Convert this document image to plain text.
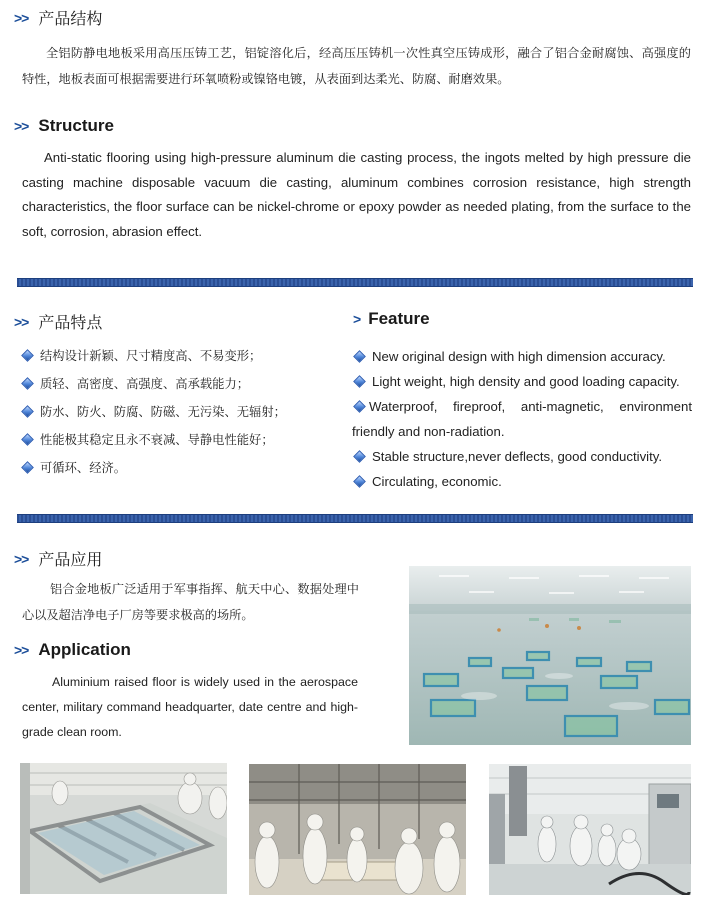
>> 产品结构

全铝防静电地板采用高压压铸工艺，铝锭溶化后，经高压压铸机一次性真空压铸成形，融合了铝合金耐腐蚀、高强度的特性，地板表面可根据需要进行环氧喷粉或镍铬电镀，从表面到达柔光、防腐、耐磨效果。

>> Structure

Anti-static flooring using high-pressure aluminum die casting process, the ingots melted by high pressure die casting machine disposable vacuum die casting, aluminum combines corrosion resistance, high strength characteristics, the floor surface can be nickel-chrome or epoxy powder as needed plating, from the surface to the soft, corrosion, abrasion effect.

>> 产品特点	> Feature
结构设计新颖、尺寸精度高、不易变形；
质轻、高密度、高强度、高承载能力；
防水、防火、防腐、防磁、无污染、无辐射；
性能极其稳定且永不衰减、导静电性能好；
可循环、经济。
New original design with high dimension accuracy.
Light weight, high density and good loading capacity.
Waterproof, fireproof, anti-magnetic, environment friendly and non-radiation.
Stable structure,never deflects, good conductivity.
Circulating, economic.
>> 产品应用

铝合金地板广泛适用于军事指挥、航天中心、数据处理中心以及超洁净电子厂房等要求极高的场所。

>> Application

Aluminium raised floor is widely used in the aerospace center, military command headquarter, date centre and high-grade clean room.
